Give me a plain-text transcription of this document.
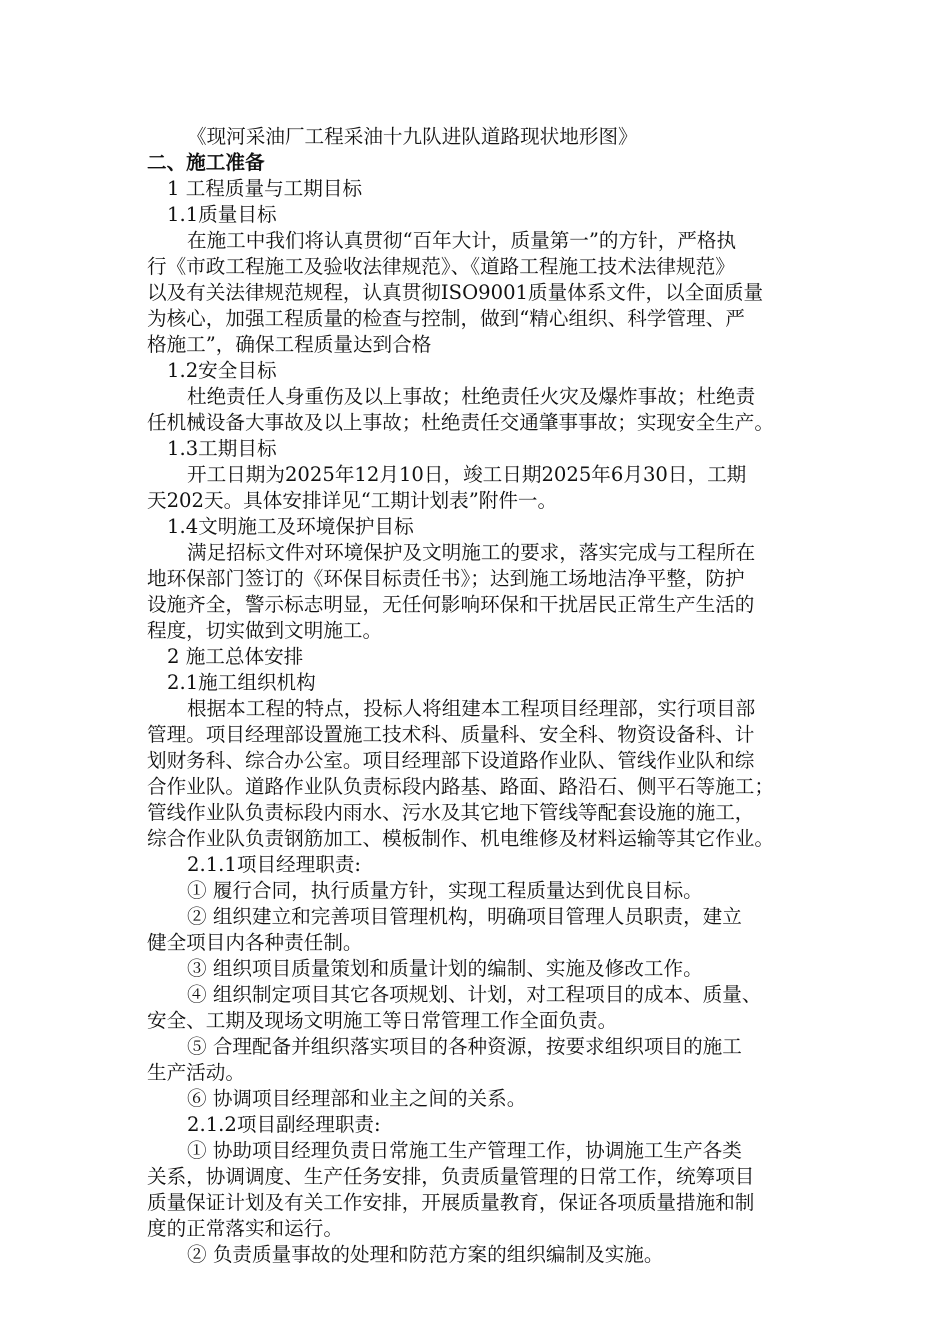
《现河采油厂工程采油十九队进队道路现状地形图》
二、施工准备
1 工程质量与工期目标
1.1质量目标
在施工中我们将认真贯彻“百年大计，质量第一”的方针，严格执
行《市政工程施工及验收法律规范》、《道路工程施工技术法律规范》
以及有关法律规范规程，认真贯彻ISO9001质量体系文件，以全面质量
为核心，加强工程质量的检查与控制，做到“精心组织、科学管理、严
格施工”，确保工程质量达到合格
1.2安全目标
杜绝责任人身重伤及以上事故；杜绝责任火灾及爆炸事故；杜绝责
任机械设备大事故及以上事故；杜绝责任交通肇事事故；实现安全生产。
1.3工期目标
开工日期为2025年12月10日，竣工日期2025年6月30日，工期
天202天。具体安排详见“工期计划表”附件一。
1.4文明施工及环境保护目标
满足招标文件对环境保护及文明施工的要求，落实完成与工程所在
地环保部门签订的《环保目标责任书》；达到施工场地洁净平整，防护
设施齐全，警示标志明显，无任何影响环保和干扰居民正常生产生活的
程度，切实做到文明施工。
2 施工总体安排
2.1施工组织机构
根据本工程的特点，投标人将组建本工程项目经理部，实行项目部
管理。项目经理部设置施工技术科、质量科、安全科、物资设备科、计
划财务科、综合办公室。项目经理部下设道路作业队、管线作业队和综
合作业队。道路作业队负责标段内路基、路面、路沿石、侧平石等施工；
管线作业队负责标段内雨水、污水及其它地下管线等配套设施的施工，
综合作业队负责钢筋加工、模板制作、机电维修及材料运输等其它作业。
2.1.1项目经理职责:
① 履行合同，执行质量方针，实现工程质量达到优良目标。
② 组织建立和完善项目管理机构，明确项目管理人员职责，建立
健全项目内各种责任制。
③ 组织项目质量策划和质量计划的编制、实施及修改工作。
④ 组织制定项目其它各项规划、计划，对工程项目的成本、质量、
安全、工期及现场文明施工等日常管理工作全面负责。
⑤ 合理配备并组织落实项目的各种资源，按要求组织项目的施工
生产活动。
⑥ 协调项目经理部和业主之间的关系。
2.1.2项目副经理职责:
① 协助项目经理负责日常施工生产管理工作，协调施工生产各类
关系，协调调度、生产任务安排，负责质量管理的日常工作，统筹项目
质量保证计划及有关工作安排，开展质量教育，保证各项质量措施和制
度的正常落实和运行。
② 负责质量事故的处理和防范方案的组织编制及实施。
